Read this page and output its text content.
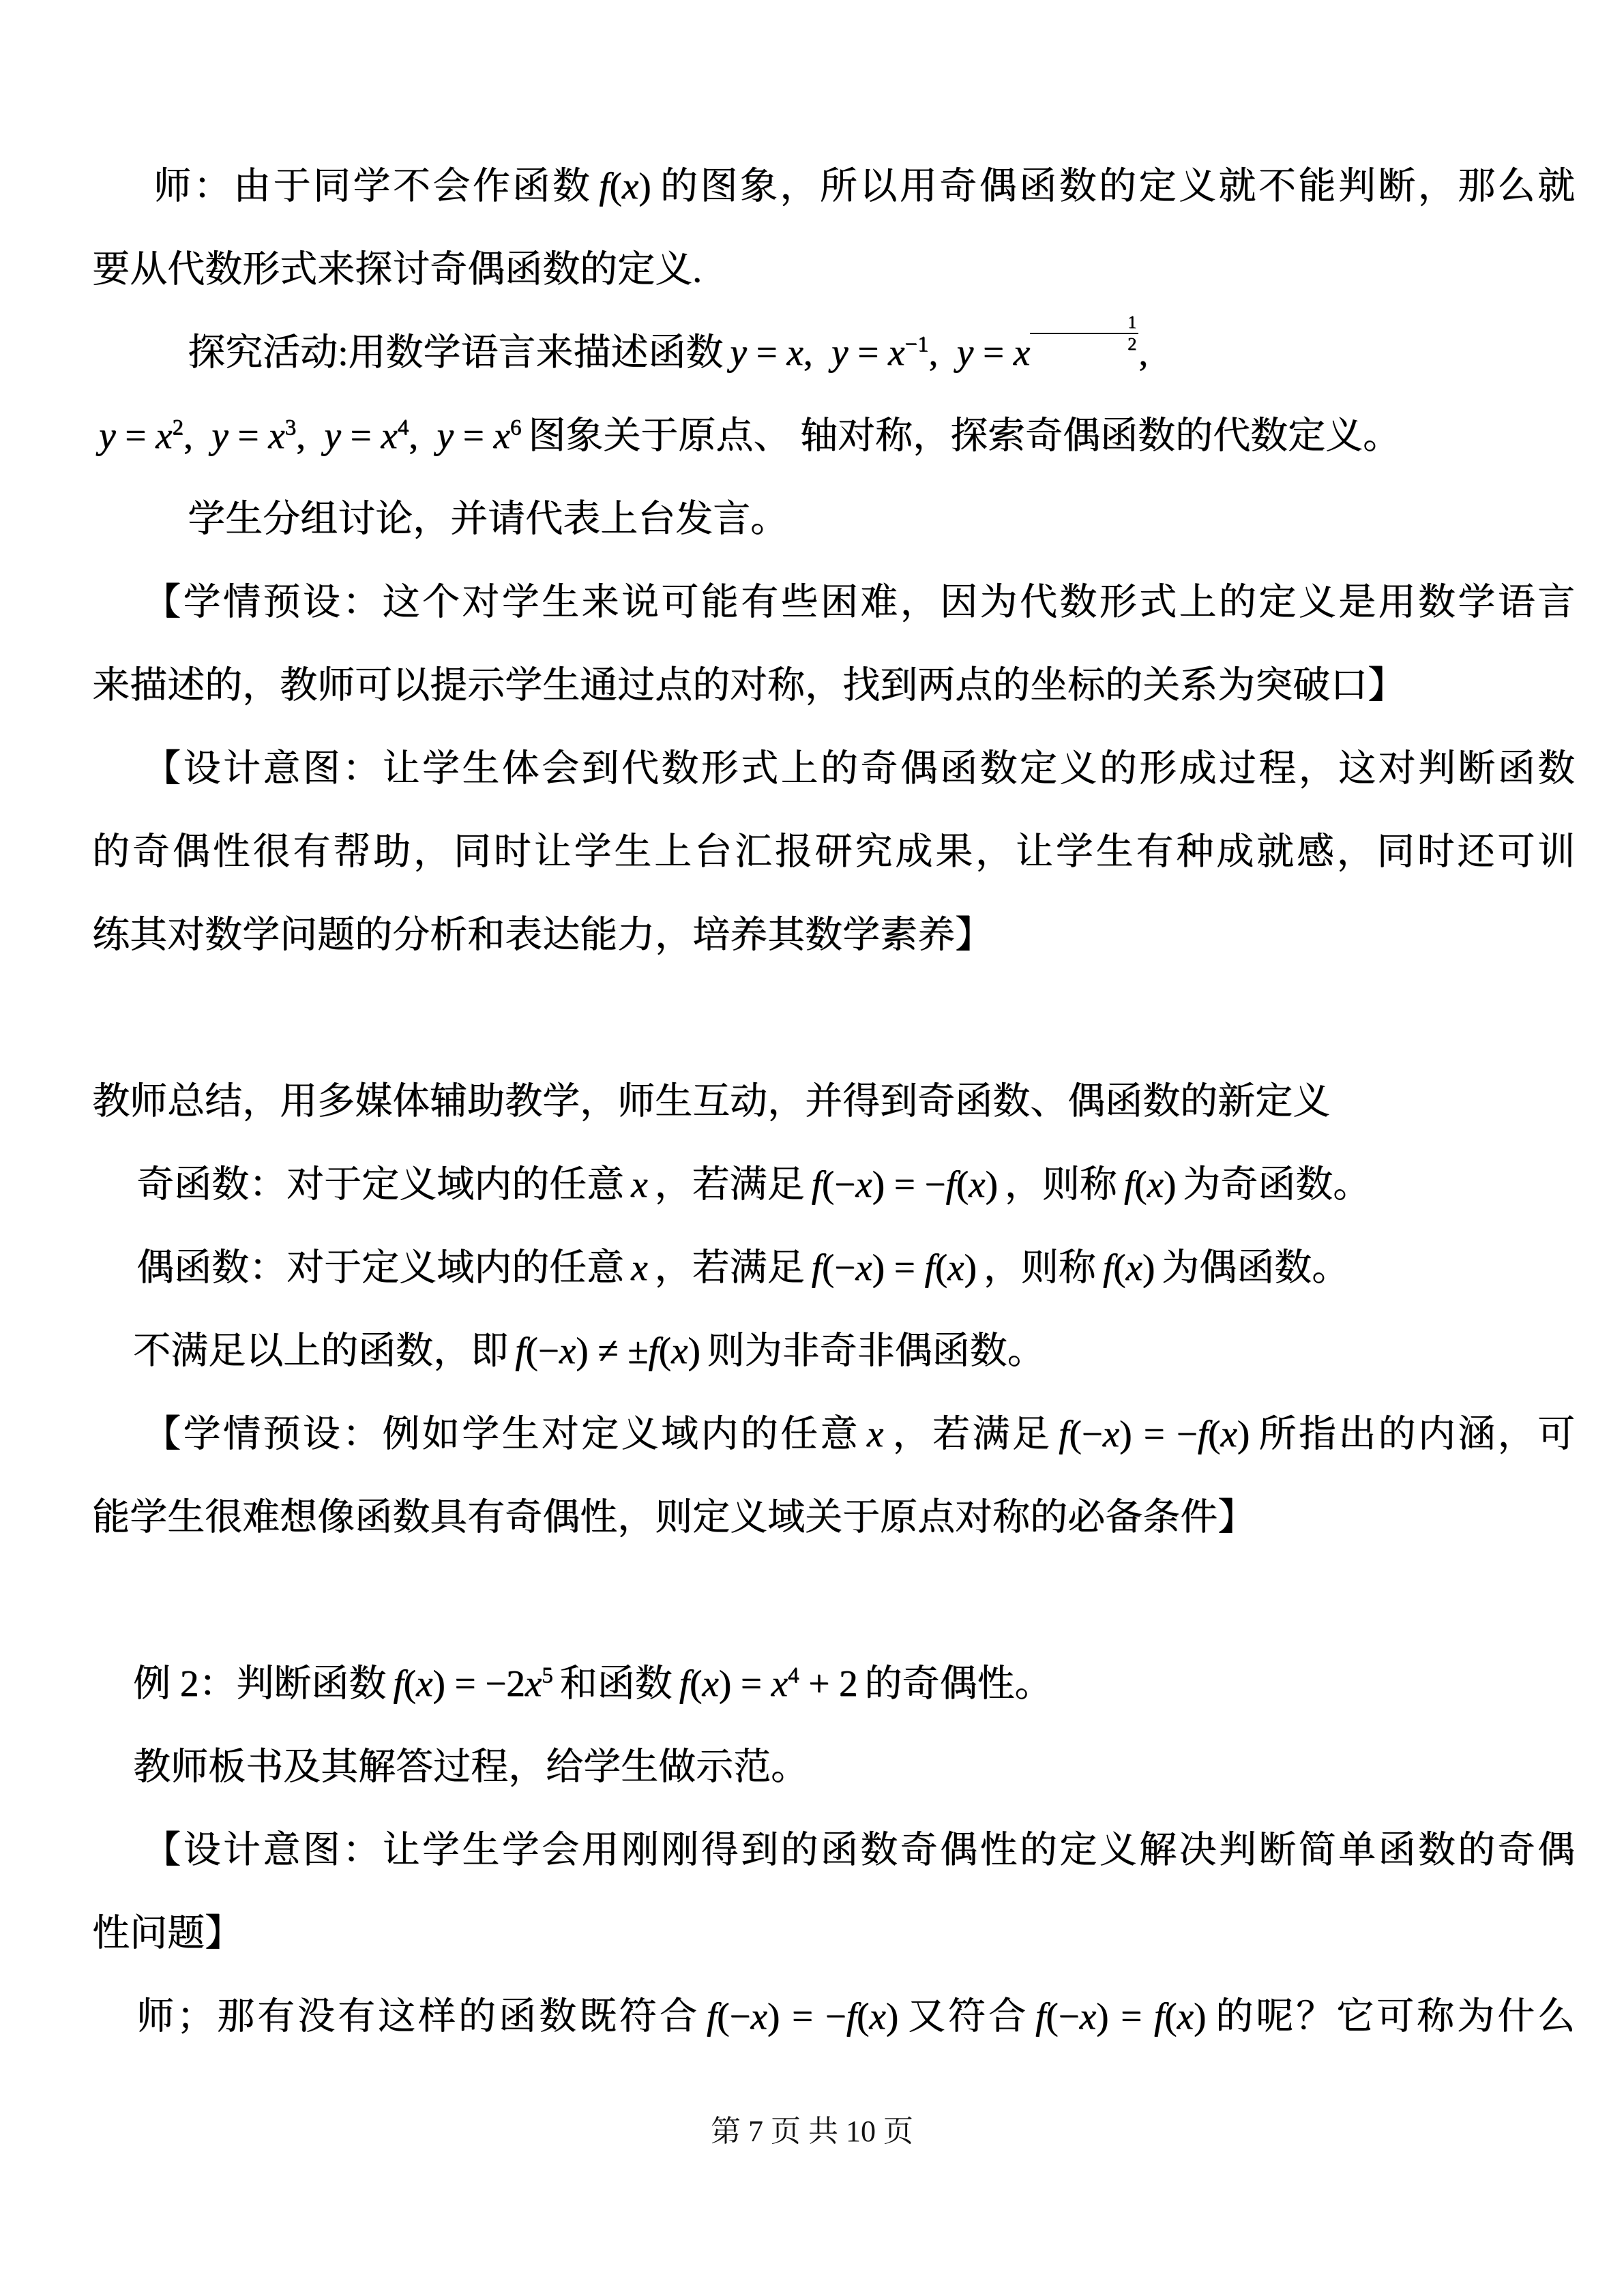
师：由于同学不会作函数 f(x) 的图象，所以用奇偶函数的定义就不能判断，那么就
要从代数形式来探讨奇偶函数的定义.
探究活动:用数学语言来描述函数 y = x,  $y = x^{-1}$,  y = x $\frac{1}{2}$ ,
$y = x^2$,  $y = x^3$,  $y = x^4$,  $y = x^6$ 图象关于原点、 轴对称，探索奇偶函数的代数定义。
学生分组讨论，并请代表上台发言。
【学情预设：这个对学生来说可能有些困难，因为代数形式上的定义是用数学语言
来描述的，教师可以提示学生通过点的对称，找到两点的坐标的关系为突破口】
【设计意图：让学生体会到代数形式上的奇偶函数定义的形成过程，这对判断函数
的奇偶性很有帮助，同时让学生上台汇报研究成果，让学生有种成就感，同时还可训
练其对数学问题的分析和表达能力，培养其数学素养】
教师总结，用多媒体辅助教学，师生互动，并得到奇函数、偶函数的新定义
奇函数：对于定义域内的任意 x ，若满足 f(−x) = −f(x) ，则称 f(x) 为奇函数。
偶函数：对于定义域内的任意 x ，若满足 f(−x) = f(x) ，则称 f(x) 为偶函数。
不满足以上的函数，即 f(−x) ≠ ±f(x) 则为非奇非偶函数。
【学情预设：例如学生对定义域内的任意 x ，若满足 f(−x) = −f(x) 所指出的内涵，可
能学生很难想像函数具有奇偶性，则定义域关于原点对称的必备条件】
例 2：判断函数 $f(x) = -2x^5$ 和函数 $f(x) = x^4 + 2$ 的奇偶性。
教师板书及其解答过程，给学生做示范。
【设计意图：让学生学会用刚刚得到的函数奇偶性的定义解决判断简单函数的奇偶
性问题】
师；那有没有这样的函数既符合 f(−x) = −f(x) 又符合 f(−x) = f(x) 的呢？它可称为什么
第 7 页 共 10 页
